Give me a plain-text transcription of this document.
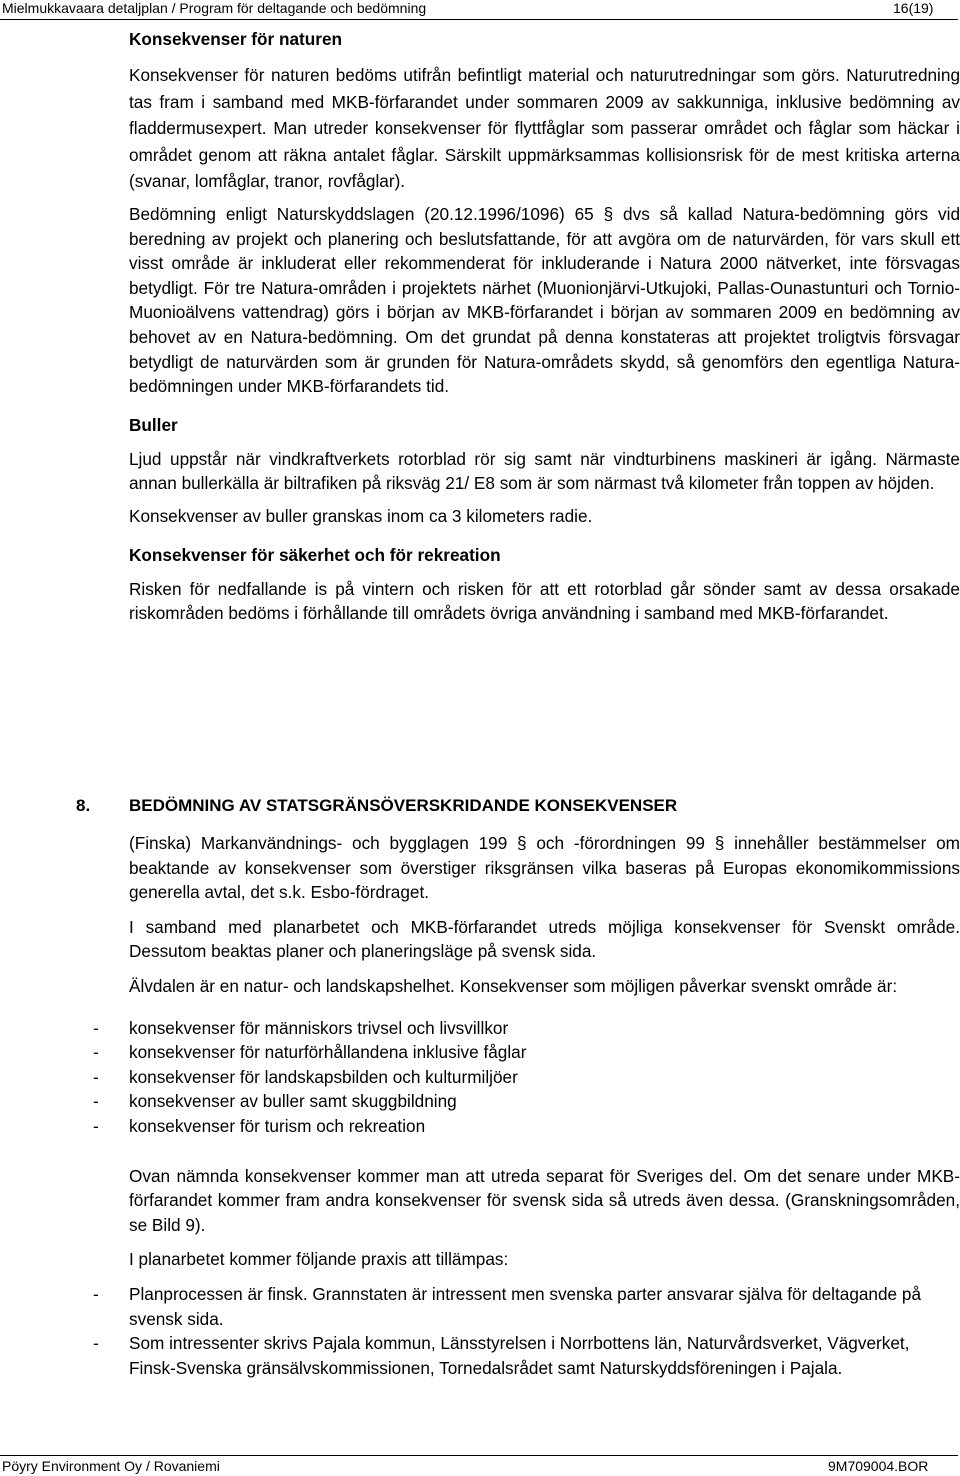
Mielmukkavaara detaljplan / Program för deltagande och bedömning	16(19)
Konsekvenser för naturen

Konsekvenser för naturen bedöms utifrån befintligt material och naturutredningar som görs. Naturutredning tas fram i samband med MKB-förfarandet under sommaren 2009 av sakkunniga, inklusive bedömning av fladdermusexpert. Man utreder konsekvenser för flyttfåglar som passerar området och fåglar som häckar i området genom att räkna antalet fåglar. Särskilt uppmärksammas kollisionsrisk för de mest kritiska arterna (svanar, lomfåglar, tranor, rovfåglar).

Bedömning enligt Naturskyddslagen (20.12.1996/1096) 65 § dvs så kallad Natura-bedömning görs vid beredning av projekt och planering och beslutsfattande, för att avgöra om de naturvärden, för vars skull ett visst område är inkluderat eller rekommenderat för inkluderande i Natura 2000 nätverket, inte försvagas betydligt. För tre Natura-områden i projektets närhet (Muonionjärvi-Utkujoki, Pallas-Ounastunturi och Tornio-Muonioälvens vattendrag) görs i början av MKB-förfarandet i början av sommaren 2009 en bedömning av behovet av en Natura-bedömning. Om det grundat på denna konstateras att projektet troligtvis försvagar betydligt de naturvärden som är grunden för Natura-områdets skydd, så genomförs den egentliga Natura-bedömningen under MKB-förfarandets tid.

Buller

Ljud uppstår när vindkraftverkets rotorblad rör sig samt när vindturbinens maskineri är igång. Närmaste annan bullerkälla är biltrafiken på riksväg 21/ E8 som är som närmast två kilometer från toppen av höjden.

Konsekvenser av buller granskas inom ca 3 kilometers radie.

Konsekvenser för säkerhet och för rekreation

Risken för nedfallande is på vintern och risken för att ett rotorblad går sönder samt av dessa orsakade riskområden bedöms i förhållande till områdets övriga användning i samband med MKB-förfarandet.

8. BEDÖMNING AV STATSGRÄNSÖVERSKRIDANDE KONSEKVENSER

(Finska) Markanvändnings- och bygglagen 199 § och -förordningen 99 § innehåller bestämmelser om beaktande av konsekvenser som överstiger riksgränsen vilka baseras på Europas ekonomikommissions generella avtal, det s.k. Esbo-fördraget.

I samband med planarbetet och MKB-förfarandet utreds möjliga konsekvenser för Svenskt område. Dessutom beaktas planer och planeringsläge på svensk sida.

Älvdalen är en natur- och landskapshelhet. Konsekvenser som möjligen påverkar svenskt område är:

- konsekvenser för människors trivsel och livsvillkor
- konsekvenser för naturförhållandena inklusive fåglar
- konsekvenser för landskapsbilden och kulturmiljöer
- konsekvenser av buller samt skuggbildning
- konsekvenser för turism och rekreation

Ovan nämnda konsekvenser kommer man att utreda separat för Sveriges del. Om det senare under MKB-förfarandet kommer fram andra konsekvenser för svensk sida så utreds även dessa. (Granskningsområden, se Bild 9).

I planarbetet kommer följande praxis att tillämpas:

- Planprocessen är finsk. Grannstaten är intressent men svenska parter ansvarar själva för deltagande på svensk sida.
- Som intressenter skrivs Pajala kommun, Länsstyrelsen i Norrbottens län, Naturvårdsverket, Vägverket, Finsk-Svenska gränsälvskommissionen, Tornedalsrådet samt Naturskyddsföreningen i Pajala.
Pöyry Environment Oy / Rovaniemi	9M709004.BOR
